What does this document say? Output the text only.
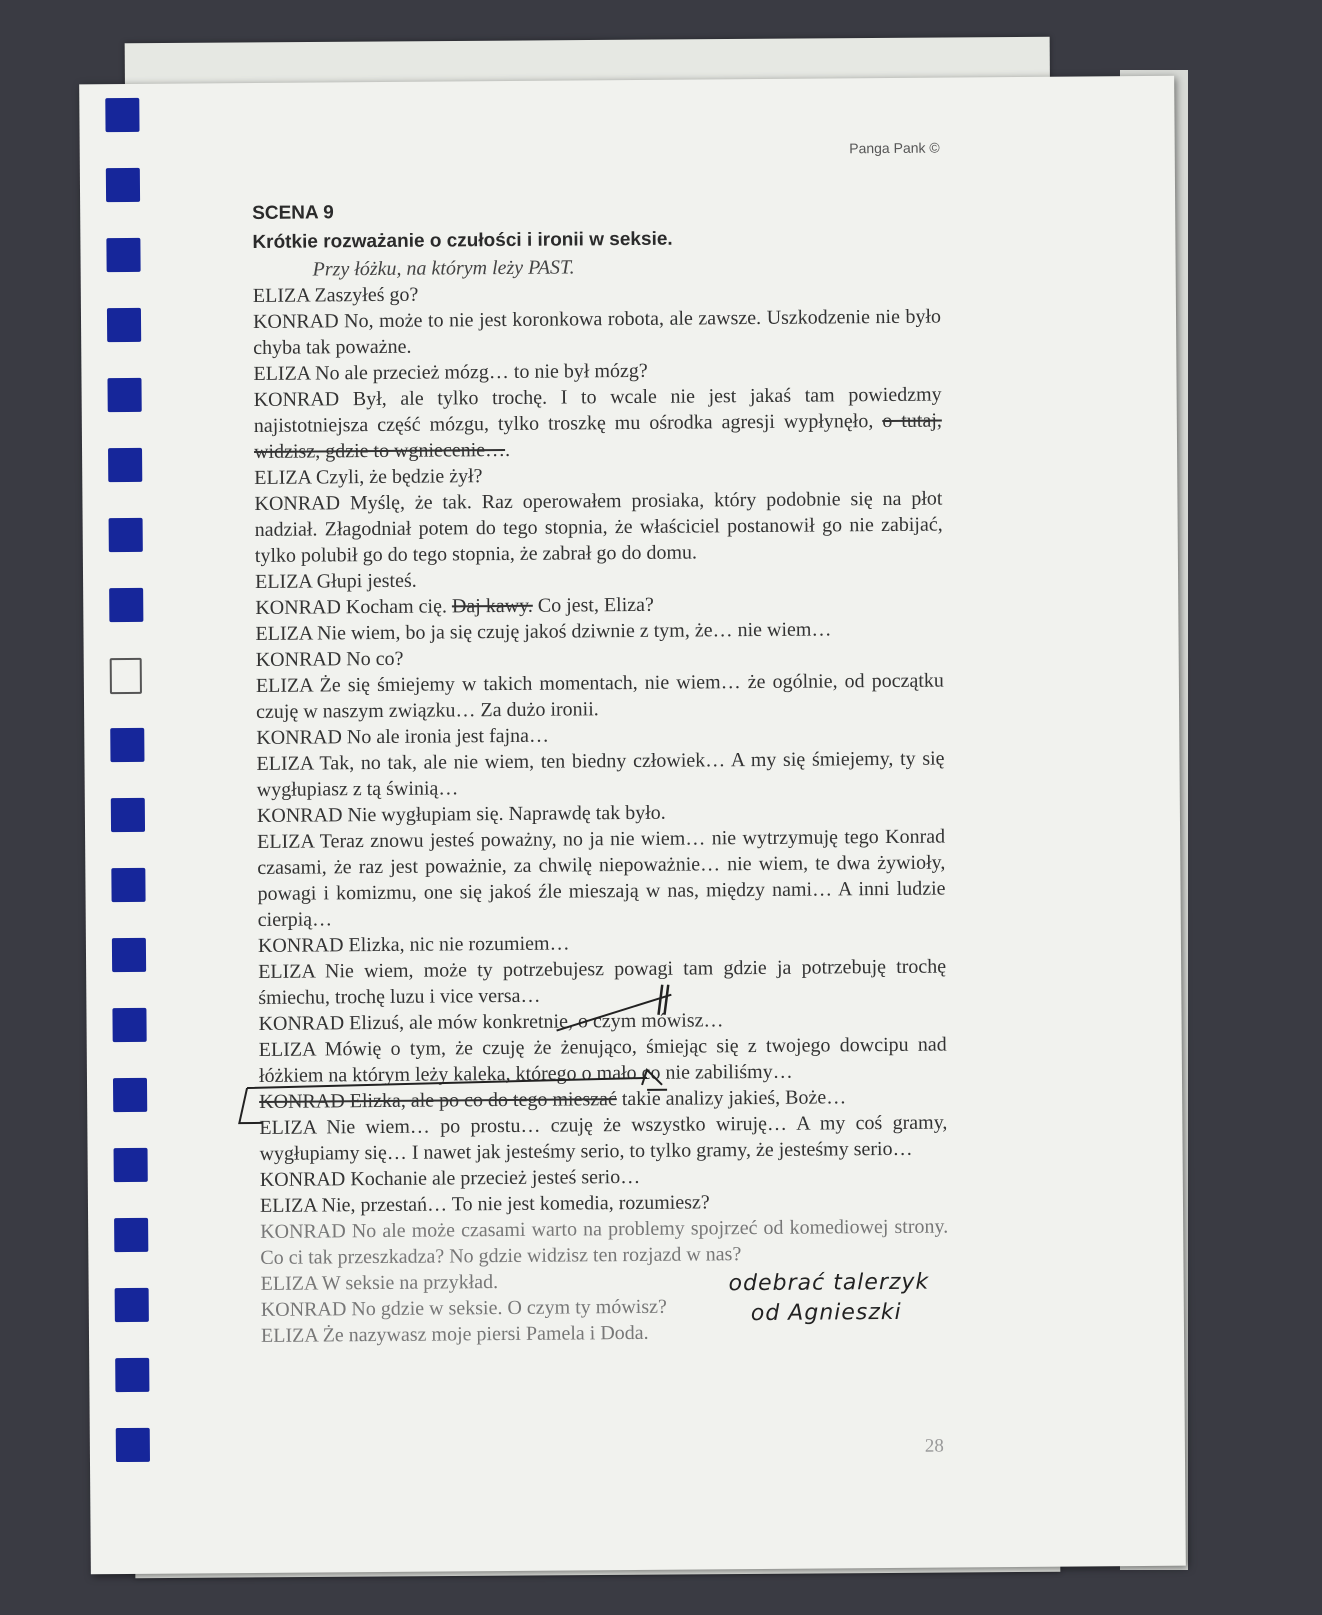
Panga Pank ©
SCENA 9
Krótkie rozważanie o czułości i ironii w seksie.
Przy łóżku, na którym leży PAST.
ELIZA Zaszyłeś go?
KONRAD No, może to nie jest koronkowa robota, ale zawsze. Uszkodzenie nie było chyba tak poważne.
ELIZA No ale przecież mózg… to nie był mózg?
KONRAD Był, ale tylko trochę. I to wcale nie jest jakaś tam powiedzmy najistotniejsza część mózgu, tylko troszkę mu ośrodka agresji wypłynęło, o tutaj, widzisz, gdzie to wgniecenie….
ELIZA Czyli, że będzie żył?
KONRAD Myślę, że tak. Raz operowałem prosiaka, który podobnie się na płot nadział. Złagodniał potem do tego stopnia, że właściciel postanowił go nie zabijać, tylko polubił go do tego stopnia, że zabrał go do domu.
ELIZA Głupi jesteś.
KONRAD Kocham cię. Daj kawy. Co jest, Eliza?
ELIZA Nie wiem, bo ja się czuję jakoś dziwnie z tym, że… nie wiem…
KONRAD No co?
ELIZA Że się śmiejemy w takich momentach, nie wiem… że ogólnie, od początku czuję w naszym związku… Za dużo ironii.
KONRAD No ale ironia jest fajna…
ELIZA Tak, no tak, ale nie wiem, ten biedny człowiek… A my się śmiejemy, ty się wygłupiasz z tą świnią…
KONRAD Nie wygłupiam się. Naprawdę tak było.
ELIZA Teraz znowu jesteś poważny, no ja nie wiem… nie wytrzymuję tego Konrad czasami, że raz jest poważnie, za chwilę niepoważnie… nie wiem, te dwa żywioły, powagi i komizmu, one się jakoś źle mieszają w nas, między nami… A inni ludzie cierpią…
KONRAD Elizka, nic nie rozumiem…
ELIZA Nie wiem, może ty potrzebujesz powagi tam gdzie ja potrzebuję trochę śmiechu, trochę luzu i vice versa…
KONRAD Elizuś, ale mów konkretnie, o czym mówisz…
ELIZA Mówię o tym, że czuję że żenująco, śmiejąc się z twojego dowcipu nad łóżkiem na którym leży kaleka, którego o mało co nie zabiliśmy…
KONRAD Elizka, ale po co do tego mieszać takie analizy jakieś, Boże…
ELIZA Nie wiem… po prostu… czuję że wszystko wiruję… A my coś gramy, wygłupiamy się… I nawet jak jesteśmy serio, to tylko gramy, że jesteśmy serio…
KONRAD Kochanie ale przecież jesteś serio…
ELIZA Nie, przestań… To nie jest komedia, rozumiesz?
KONRAD No ale może czasami warto na problemy spojrzeć od komediowej strony. Co ci tak przeszkadza? No gdzie widzisz ten rozjazd w nas?
ELIZA W seksie na przykład.
KONRAD No gdzie w seksie. O czym ty mówisz?
ELIZA Że nazywasz moje piersi Pamela i Doda.
odebrać talerzyk
od Agnieszki
28
